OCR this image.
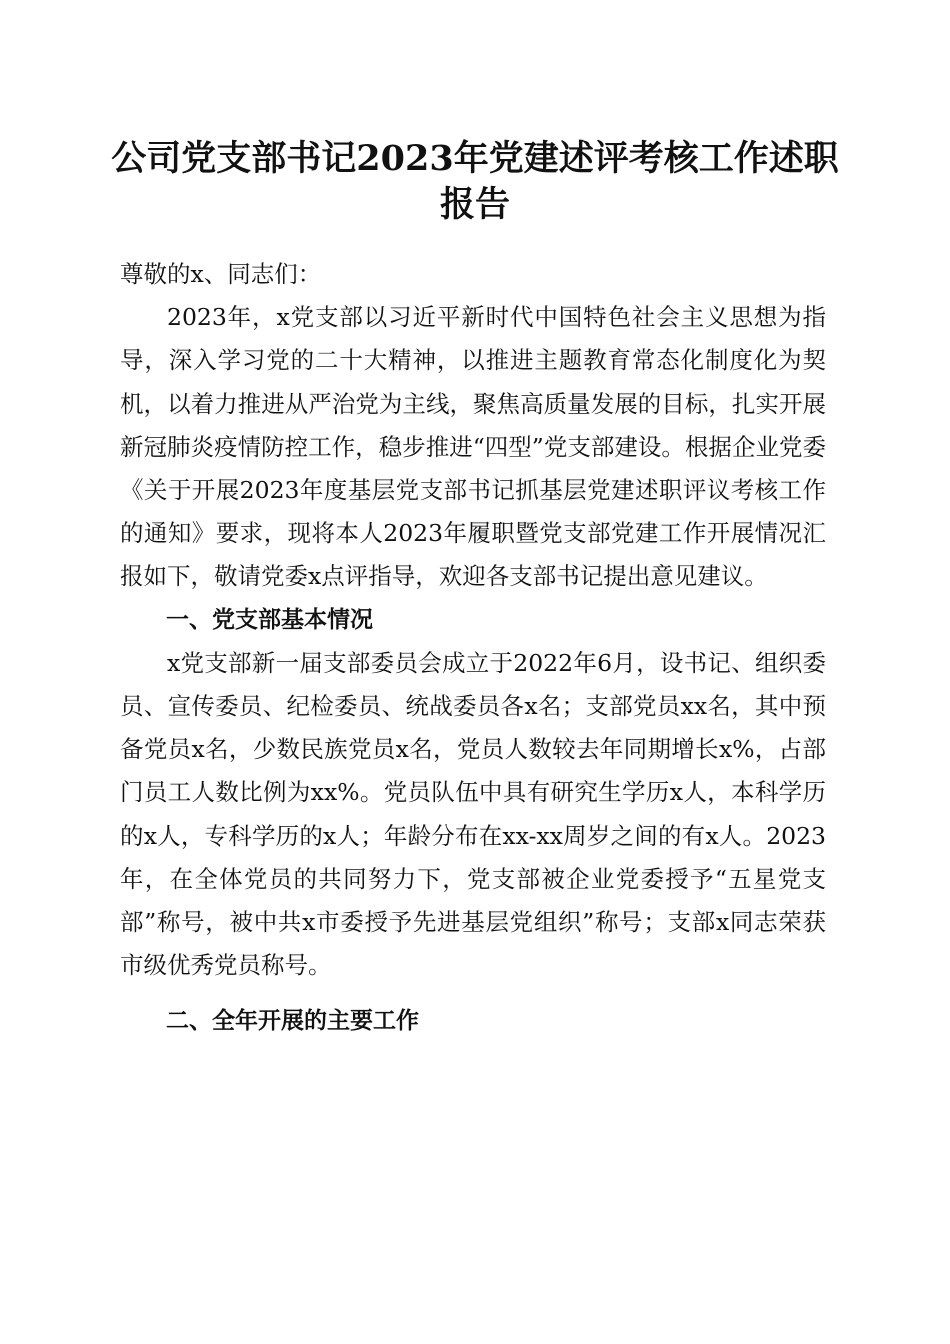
公司党支部书记2023年党建述评考核工作述职报告

尊敬的x、同志们：

2023年，x党支部以习近平新时代中国特色社会主义思想为指导，深入学习党的二十大精神，以推进主题教育常态化制度化为契机，以着力推进从严治党为主线，聚焦高质量发展的目标，扎实开展新冠肺炎疫情防控工作，稳步推进“四型”党支部建设。根据企业党委《关于开展2023年度基层党支部书记抓基层党建述职评议考核工作的通知》要求，现将本人2023年履职暨党支部党建工作开展情况汇报如下，敬请党委x点评指导，欢迎各支部书记提出意见建议。

一、党支部基本情况

x党支部新一届支部委员会成立于2022年6月，设书记、组织委员、宣传委员、纪检委员、统战委员各x名；支部党员xx名，其中预备党员x名，少数民族党员x名，党员人数较去年同期增长x%，占部门员工人数比例为xx%。党员队伍中具有研究生学历x人，本科学历的x人，专科学历的x人；年龄分布在xx-xx周岁之间的有x人。2023年，在全体党员的共同努力下，党支部被企业党委授予“五星党支部”称号，被中共x市委授予先进基层党组织”称号；支部x同志荣获市级优秀党员称号。

二、全年开展的主要工作
